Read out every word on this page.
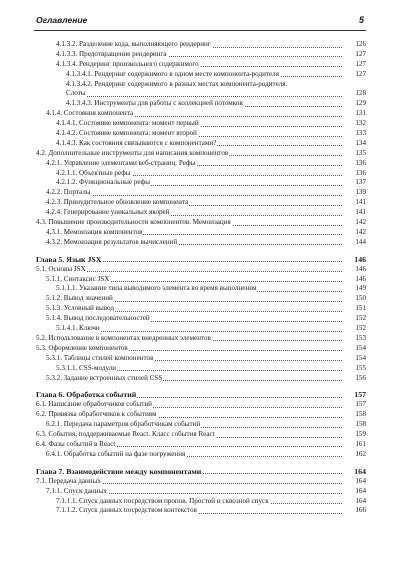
Оглавление	5
4.1.3.2. Разделение кода, выполняющего рендеринг	126
4.1.3.3. Предотвращение рендеринга	127
4.1.3.4. Рендеринг произвольного содержимого	127
4.1.3.4.1. Рендеринг содержимого в одном месте компонента-родителя	127
4.1.3.4.2. Рендеринг содержимого в разных местах компонента-родителя.
Слоты	128
4.1.3.4.3. Инструменты для работы с коллекцией потомков	129
4.1.4. Состояния компонента	131
4.1.4.1. Состояние компонента: момент первый	132
4.1.4.2. Состояние компонента: момент второй	133
4.1.4.3. Как состояния связываются с компонентами?	134
4.2. Дополнительные инструменты для написания компонентов	135
4.2.1. Управление элементами веб-страниц. Рефы	136
4.2.1.1. Объектные рефы	136
4.2.1.2. Функциональные рефы	137
4.2.2. Порталы	139
4.2.3. Принудительное обновление компонента	141
4.2.4. Генерирование уникальных якорей	141
4.3. Повышение производительности компонентов. Мемоизация	142
4.3.1. Мемоизация компонентов	142
4.3.2. Мемоизация результатов вычислений	144
Глава 5. Язык JSX	146
5.1. Основы JSX	146
5.1.1. Синтаксис JSX	146
5.1.1.1. Указание типа выводимого элемента во время выполнения	149
5.1.2. Вывод значений	150
5.1.3. Условный вывод	151
5.1.4. Вывод последовательностей	152
5.1.4.1. Ключи	152
5.2. Использование в компонентах внедренных элементов	153
5.3. Оформление компонентов	154
5.3.1. Таблицы стилей компонентов	154
5.3.1.1. CSS-модули	155
5.3.2. Задание встроенных стилей CSS	156
Глава 6. Обработка событий	157
6.1. Написание обработчиков событий	157
6.2. Привязка обработчиков к событиям	158
6.2.1. Передача параметров обработчикам событий	158
6.3. События, поддерживаемые React. Класс события React	159
6.4. Фазы событий в React	161
6.4.1. Обработка событий на фазе погружения	162
Глава 7. Взаимодействие между компонентами	164
7.1. Передача данных	164
7.1.1. Спуск данных	164
7.1.1.1. Спуск данных посредством пропов. Простой и сквозной спуск	164
7.1.1.2. Спуск данных посредством контекстов	166
